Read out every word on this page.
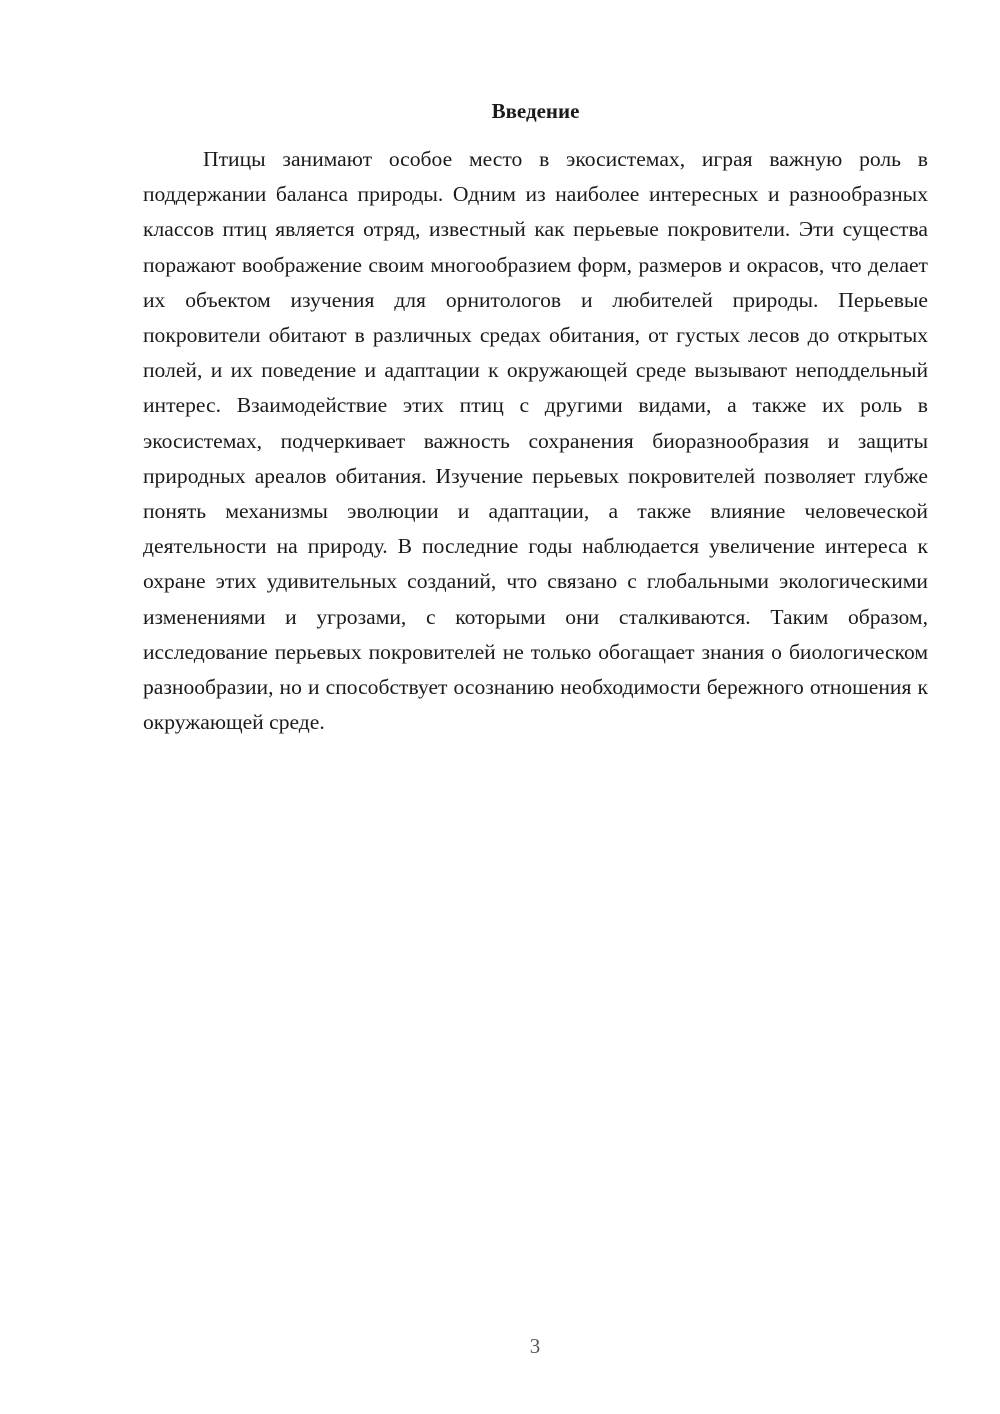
Введение

Птицы занимают особое место в экосистемах, играя важную роль в поддержании баланса природы. Одним из наиболее интересных и разнообразных классов птиц является отряд, известный как перьевые покровители. Эти существа поражают воображение своим многообразием форм, размеров и окрасов, что делает их объектом изучения для орнитологов и любителей природы. Перьевые покровители обитают в различных средах обитания, от густых лесов до открытых полей, и их поведение и адаптации к окружающей среде вызывают неподдельный интерес. Взаимодействие этих птиц с другими видами, а также их роль в экосистемах, подчеркивает важность сохранения биоразнообразия и защиты природных ареалов обитания. Изучение перьевых покровителей позволяет глубже понять механизмы эволюции и адаптации, а также влияние человеческой деятельности на природу. В последние годы наблюдается увеличение интереса к охране этих удивительных созданий, что связано с глобальными экологическими изменениями и угрозами, с которыми они сталкиваются. Таким образом, исследование перьевых покровителей не только обогащает знания о биологическом разнообразии, но и способствует осознанию необходимости бережного отношения к окружающей среде.

3
